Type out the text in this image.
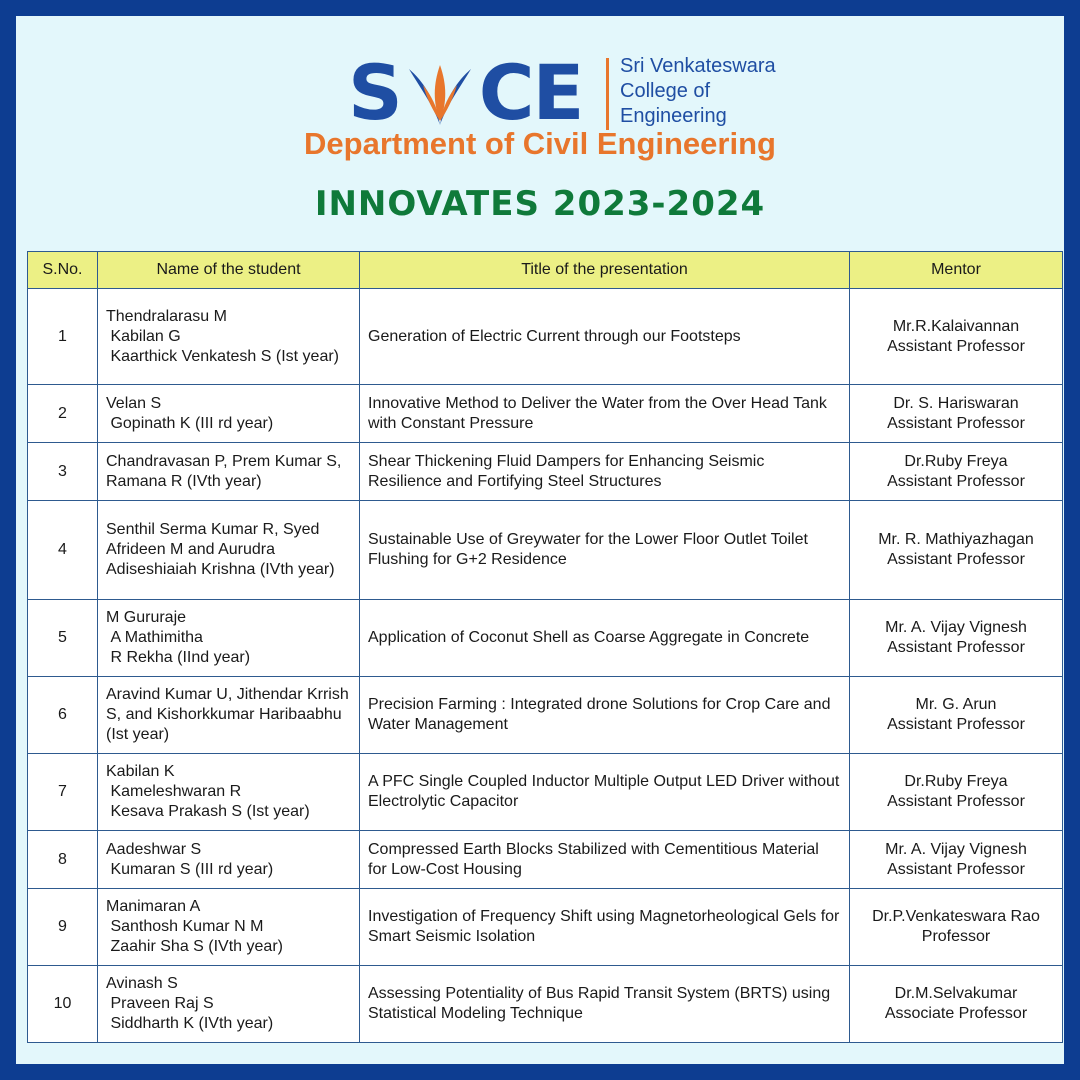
S CE Sri Venkateswara
College of
Engineering
Department of Civil Engineering
INNOVATES 2023-2024
S.No.	Name of the student	Title of the presentation	Mentor
1	Thendralarasu M
Kabilan G
Kaarthick Venkatesh S (Ist year)	Generation of Electric Current through our Footsteps	Mr.R.Kalaivannan
Assistant Professor

2	Velan S
Gopinath K (III rd year)	Innovative Method to Deliver the Water from the Over Head Tank with Constant Pressure	Dr. S. Hariswaran
Assistant Professor

3	Chandravasan P, Prem Kumar S, Ramana R (IVth year)	Shear Thickening Fluid Dampers for Enhancing Seismic Resilience and Fortifying Steel Structures	Dr.Ruby Freya
Assistant Professor

4	Senthil Serma Kumar R, Syed Afrideen M and Aurudra Adiseshiaiah Krishna (IVth year)	Sustainable Use of Greywater for the Lower Floor Outlet Toilet Flushing for G+2 Residence	Mr. R. Mathiyazhagan
Assistant Professor

5	M Gururaje
A Mathimitha
R Rekha (IInd year)	Application of Coconut Shell as Coarse Aggregate in Concrete	Mr. A. Vijay Vignesh
Assistant Professor

6	Aravind Kumar U, Jithendar Krrish S, and Kishorkkumar Haribaabhu (Ist year)	Precision Farming : Integrated drone Solutions for Crop Care and Water Management	Mr. G. Arun
Assistant Professor

7	Kabilan K
Kameleshwaran R
Kesava Prakash S (Ist year)	A PFC Single Coupled Inductor Multiple Output LED Driver without Electrolytic Capacitor	Dr.Ruby Freya
Assistant Professor

8	Aadeshwar S
Kumaran S (III rd year)	Compressed Earth Blocks Stabilized with Cementitious Material for Low-Cost Housing	Mr. A. Vijay Vignesh
Assistant Professor

9	Manimaran A
Santhosh Kumar N M
Zaahir Sha S (IVth year)	Investigation of Frequency Shift using Magnetorheological Gels for Smart Seismic Isolation	Dr.P.Venkateswara Rao
Professor

10	Avinash S
Praveen Raj S
Siddharth K (IVth year)	Assessing Potentiality of Bus Rapid Transit System (BRTS) using Statistical Modeling Technique	Dr.M.Selvakumar
Associate Professor
